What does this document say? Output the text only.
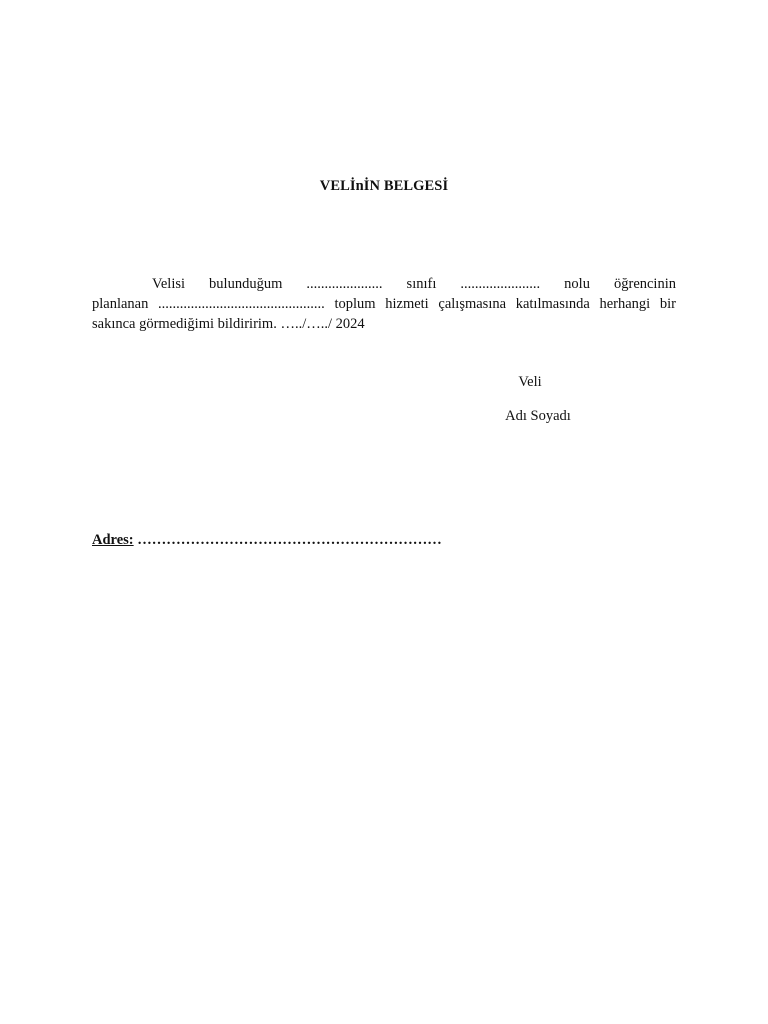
VELİnİN BELGESİ
Velisi bulunduğum ..................... sınıfı ...................... nolu öğrencinin
planlanan .............................................. toplum hizmeti çalışmasına katılmasında herhangi bir
sakınca görmediğimi bildiririm. …../…../ 2024
Veli
Adı Soyadı
Adres: ………………………………………………………
